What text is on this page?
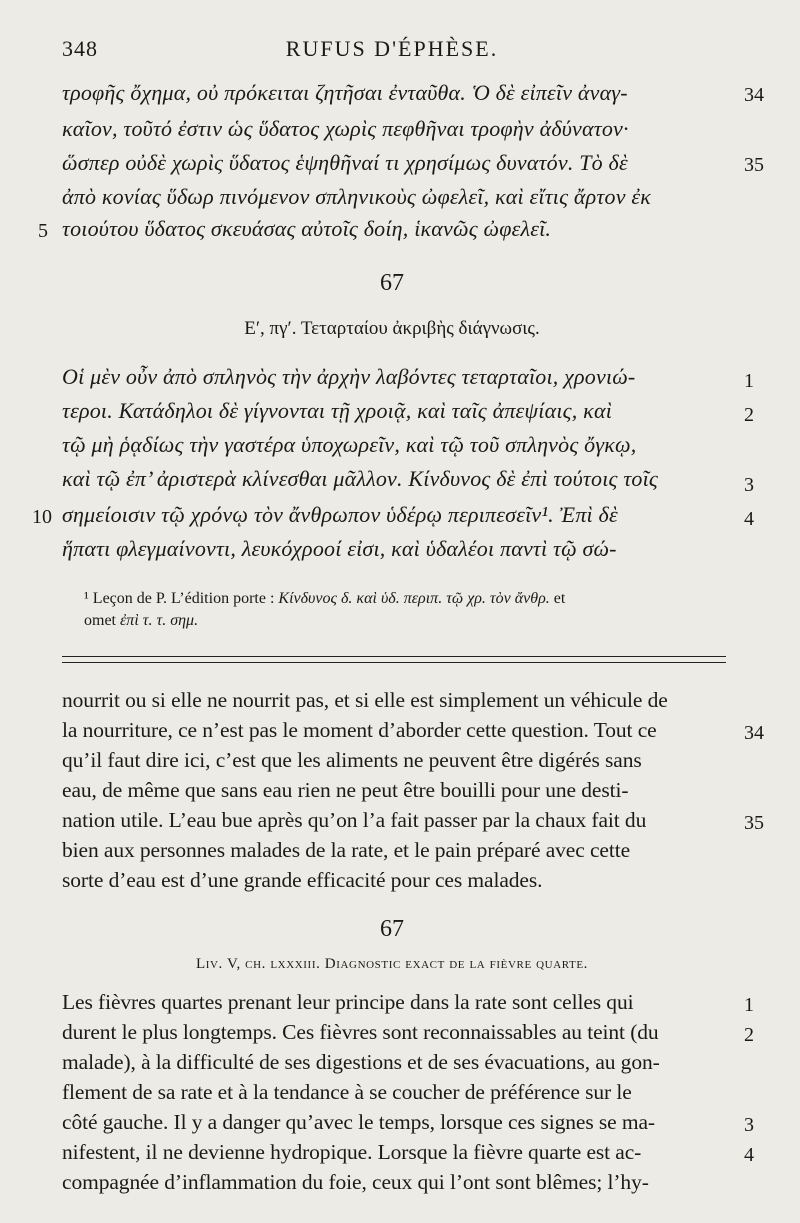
348	RUFUS D'ÉPHÈSE.
τροφῆς ὄχημα, οὐ πρόκειται ζητῆσαι ἐνταῦθα. Ὁ δὲ εἰπεῖν ἀναγ-	34
καῖον, τοῦτό ἐστιν ὡς ὕδατος χωρὶς πεφθῆναι τροφὴν ἀδύνατον·
ὥσπερ οὐδὲ χωρὶς ὕδατος ἑψηθῆναί τι χρησίμως δυνατόν. Τὸ δὲ	35
ἀπὸ κονίας ὕδωρ πινόμενον σπληνικοὺς ὠφελεῖ, καὶ εἴτις ἄρτον ἐκ
5 τοιούτου ὕδατος σκευάσας αὐτοῖς δοίη, ἱκανῶς ὠφελεῖ.
67
Ε′, πγ′. Τεταρταίου ἀκριβὴς διάγνωσις.
Οἱ μὲν οὖν ἀπὸ σπληνὸς τὴν ἀρχὴν λαβόντες τεταρταῖοι, χρονιώ-	1
τεροι. Κατάδηλοι δὲ γίγνονται τῇ χροιᾷ, καὶ ταῖς ἀπεψίαις, καὶ	2
τῷ μὴ ῥᾳδίως τὴν γαστέρα ὑποχωρεῖν, καὶ τῷ τοῦ σπληνὸς ὄγκῳ,
καὶ τῷ ἐπ’ ἀριστερὰ κλίνεσθαι μᾶλλον. Κίνδυνος δὲ ἐπὶ τούτοις τοῖς	3
10 σημείοισιν τῷ χρόνῳ τὸν ἄνθρωπον ὑδέρῳ περιπεσεῖν¹. Ἐπὶ δὲ	4
ἥπατι φλεγμαίνοντι, λευκόχροοί εἰσι, καὶ ὑδαλέοι παντὶ τῷ σώ-
¹ Leçon de P. L’édition porte : Κίνδυνος δ. καὶ ὑδ. περιπ. τῷ χρ. τὸν ἄνθρ. et
omet ἐπὶ τ. τ. σημ.
nourrit ou si elle ne nourrit pas, et si elle est simplement un véhicule de
la nourriture, ce n’est pas le moment d’aborder cette question. Tout ce	34
qu’il faut dire ici, c’est que les aliments ne peuvent être digérés sans
eau, de même que sans eau rien ne peut être bouilli pour une desti-
nation utile. L’eau bue après qu’on l’a fait passer par la chaux fait du	35
bien aux personnes malades de la rate, et le pain préparé avec cette
sorte d’eau est d’une grande efficacité pour ces malades.
67
Liv. V, ch. lxxxiii. Diagnostic exact de la fièvre quarte.
Les fièvres quartes prenant leur principe dans la rate sont celles qui	1
durent le plus longtemps. Ces fièvres sont reconnaissables au teint (du	2
malade), à la difficulté de ses digestions et de ses évacuations, au gon-
flement de sa rate et à la tendance à se coucher de préférence sur le
côté gauche. Il y a danger qu’avec le temps, lorsque ces signes se ma-	3
nifestent, il ne devienne hydropique. Lorsque la fièvre quarte est ac-	4
compagnée d’inflammation du foie, ceux qui l’ont sont blêmes; l’hy-
